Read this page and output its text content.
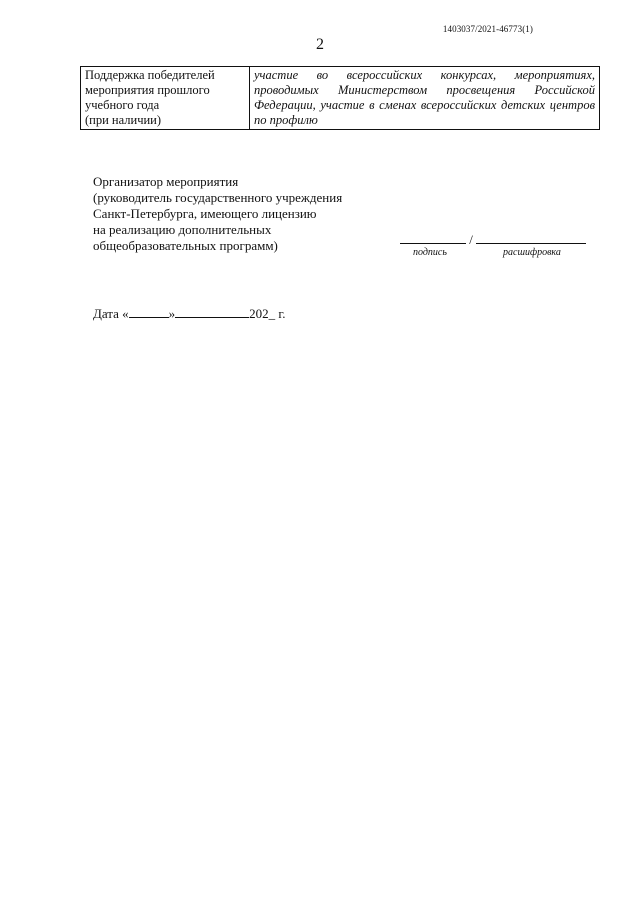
1403037/2021-46773(1)
2
Поддержка победителей
мероприятия прошлого
учебного года
(при наличии)
	участие во всероссийских конкурсах, мероприятиях, проводимых Министерством просвещения Российской Федерации, участие в сменах всероссийских детских центров по профилю
Организатор мероприятия
(руководитель государственного учреждения
Санкт-Петербурга, имеющего лицензию
на реализацию дополнительных
общеобразовательных программ)	/
подпись	расшифровка
Дата «	»	202_ г.
